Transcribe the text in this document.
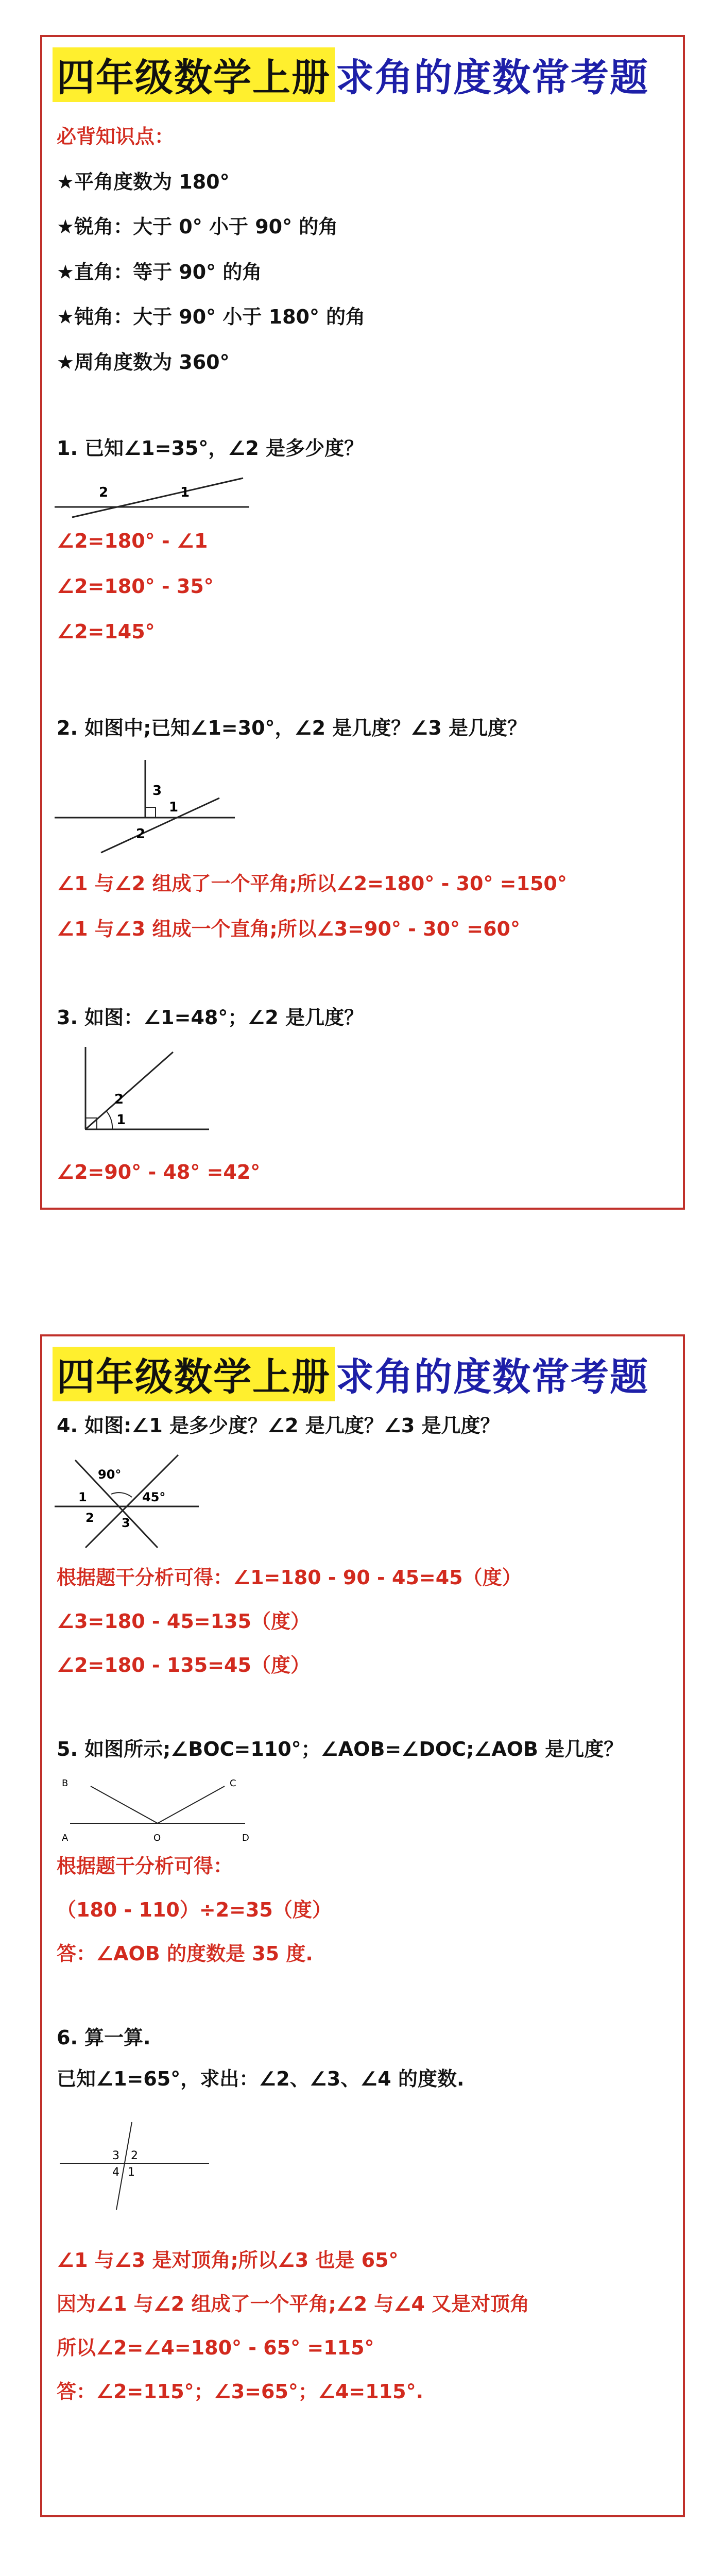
四年级数学上册 求角的度数常考题
必背知识点：
★平角度数为 180°
★锐角：大于 0° 小于 90° 的角
★直角：等于 90° 的角
★钝角：大于 90° 小于 180° 的角
★周角度数为 360°
1. 已知∠1=35°，∠2 是多少度？
2	1
∠2=180° - ∠1
∠2=180° - 35°
∠2=145°
2. 如图中;已知∠1=30°，∠2 是几度？∠3 是几度？
3
1
2
∠1 与∠2 组成了一个平角;所以∠2=180° - 30° =150°
∠1 与∠3 组成一个直角;所以∠3=90° - 30° =60°
3. 如图：∠1=48°；∠2 是几度？
2
1
∠2=90° - 48° =42°
四年级数学上册 求角的度数常考题
4. 如图:∠1 是多少度？∠2 是几度？∠3 是几度？
90°
45°
1
2 3
根据题干分析可得：∠1=180 - 90 - 45=45（度）
∠3=180 - 45=135（度）
∠2=180 - 135=45（度）
5. 如图所示;∠BOC=110°；∠AOB=∠DOC;∠AOB 是几度？
B	C
A	O	D
根据题干分析可得：
（180 - 110）÷2=35（度）
答：∠AOB 的度数是 35 度.
6. 算一算.
已知∠1=65°，求出：∠2、∠3、∠4 的度数.
3 2
4 1
∠1 与∠3 是对顶角;所以∠3 也是 65°
因为∠1 与∠2 组成了一个平角;∠2 与∠4 又是对顶角
所以∠2=∠4=180° - 65° =115°
答：∠2=115°；∠3=65°；∠4=115°.
